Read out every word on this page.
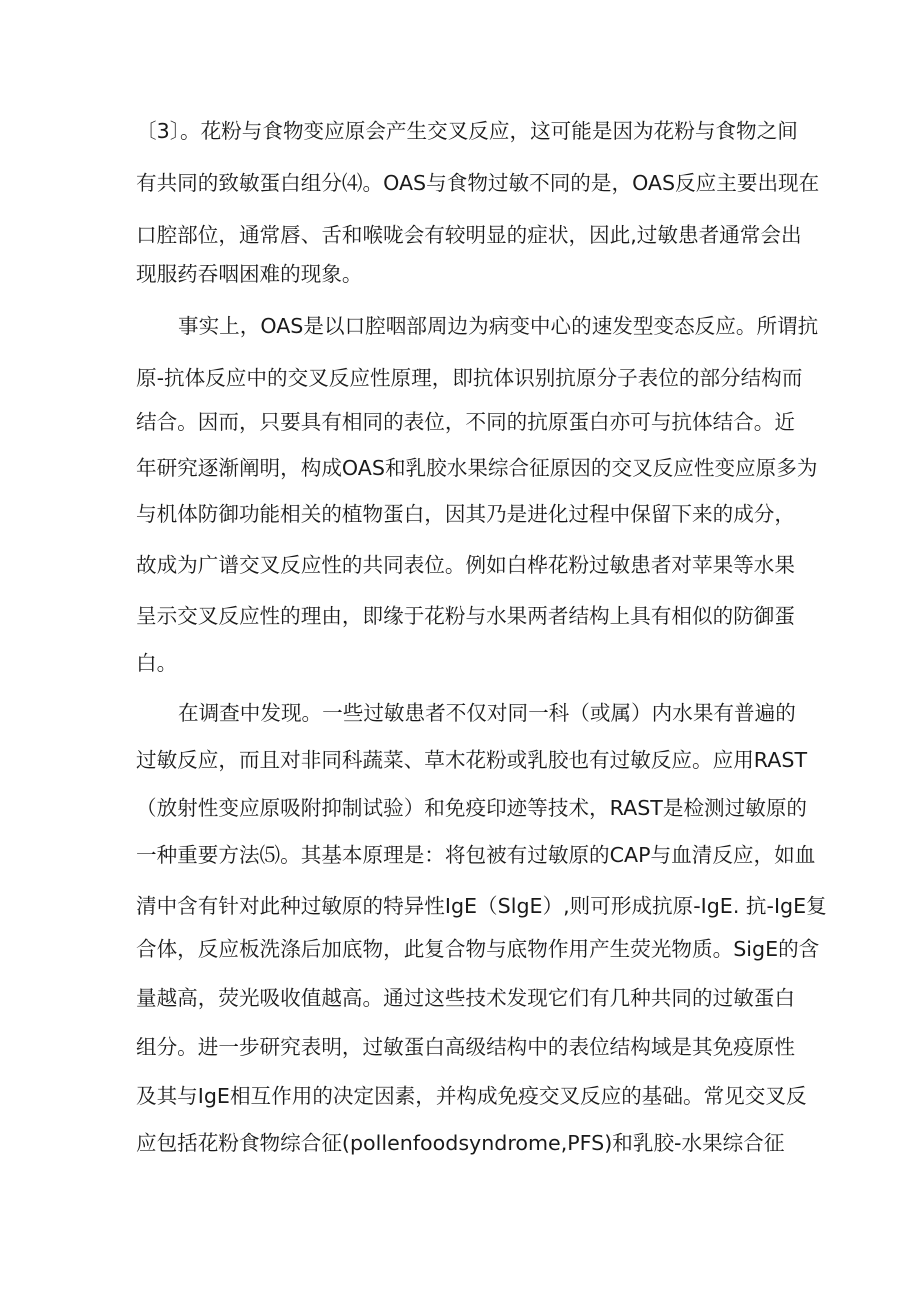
〔3〕。花粉与食物变应原会产生交叉反应，这可能是因为花粉与食物之间

有共同的致敏蛋白组分⑷。OAS与食物过敏不同的是，OAS反应主要出现在

口腔部位，通常唇、舌和喉咙会有较明显的症状，因此,过敏患者通常会出

现服药吞咽困难的现象。

事实上，OAS是以口腔咽部周边为病变中心的速发型变态反应。所谓抗

原-抗体反应中的交叉反应性原理，即抗体识别抗原分子表位的部分结构而

结合。因而，只要具有相同的表位，不同的抗原蛋白亦可与抗体结合。近

年研究逐渐阐明，构成OAS和乳胶水果综合征原因的交叉反应性变应原多为

与机体防御功能相关的植物蛋白，因其乃是进化过程中保留下来的成分，

故成为广谱交叉反应性的共同表位。例如白桦花粉过敏患者对苹果等水果

呈示交叉反应性的理由，即缘于花粉与水果两者结构上具有相似的防御蛋

白。

在调查中发现。一些过敏患者不仅对同一科（或属）内水果有普遍的

过敏反应，而且对非同科蔬菜、草木花粉或乳胶也有过敏反应。应用RAST

（放射性变应原吸附抑制试验）和免疫印迹等技术，RAST是检测过敏原的

一种重要方法⑸。其基本原理是：将包被有过敏原的CAP与血清反应，如血

清中含有针对此种过敏原的特异性IgE（SlgE）,则可形成抗原-IgE. 抗-IgE复

合体，反应板洗涤后加底物，此复合物与底物作用产生荧光物质。SigE的含

量越高，荧光吸收值越高。通过这些技术发现它们有几种共同的过敏蛋白

组分。进一步研究表明，过敏蛋白高级结构中的表位结构域是其免疫原性

及其与IgE相互作用的决定因素，并构成免疫交叉反应的基础。常见交叉反

应包括花粉食物综合征(pollenfoodsyndrome,PFS)和乳胶-水果综合征
